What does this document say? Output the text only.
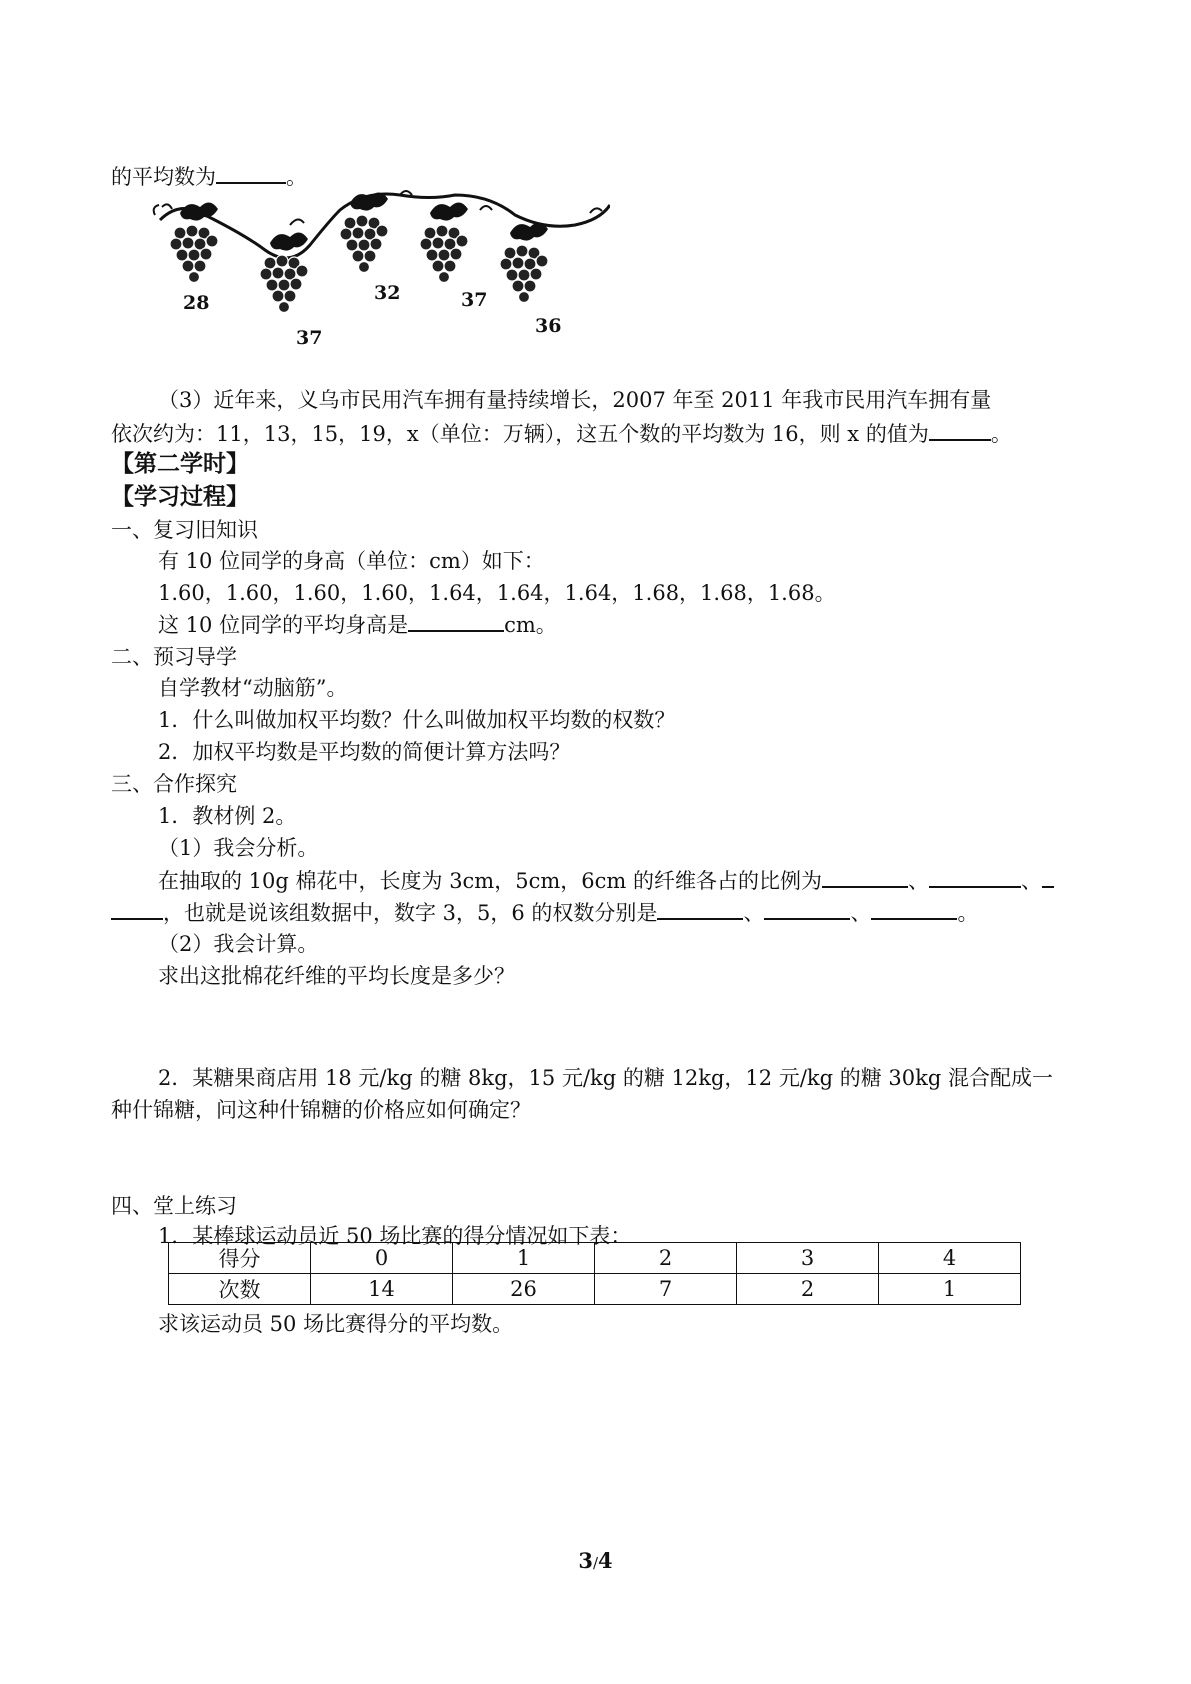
的平均数为	。
28
37
32	37
36
（3）近年来，义乌市民用汽车拥有量持续增长，2007 年至 2011 年我市民用汽车拥有量
依次约为：11，13，15，19，x（单位：万辆），这五个数的平均数为 16，则 x 的值为	。
【第二学时】
【学习过程】
一、复习旧知识
有 10 位同学的身高（单位：cm）如下：
1.60，1.60，1.60，1.60，1.64，1.64，1.64，1.68，1.68，1.68。
这 10 位同学的平均身高是	cm。
二、预习导学
自学教材“动脑筋”。
1．什么叫做加权平均数？什么叫做加权平均数的权数？
2．加权平均数是平均数的简便计算方法吗？
三、合作探究
1．教材例 2。
（1）我会分析。
在抽取的 10g 棉花中，长度为 3cm，5cm，6cm 的纤维各占的比例为	、	、
，也就是说该组数据中，数字 3，5，6 的权数分别是	、	、	。
（2）我会计算。
求出这批棉花纤维的平均长度是多少？
2．某糖果商店用 18 元/kg 的糖 8kg，15 元/kg 的糖 12kg，12 元/kg 的糖 30kg 混合配成一
种什锦糖，问这种什锦糖的价格应如何确定？
四、堂上练习
1．某棒球运动员近 50 场比赛的得分情况如下表：
得分	0	1	2	3	4
次数	14	26	7	2	1
求该运动员 50 场比赛得分的平均数。
3/4
